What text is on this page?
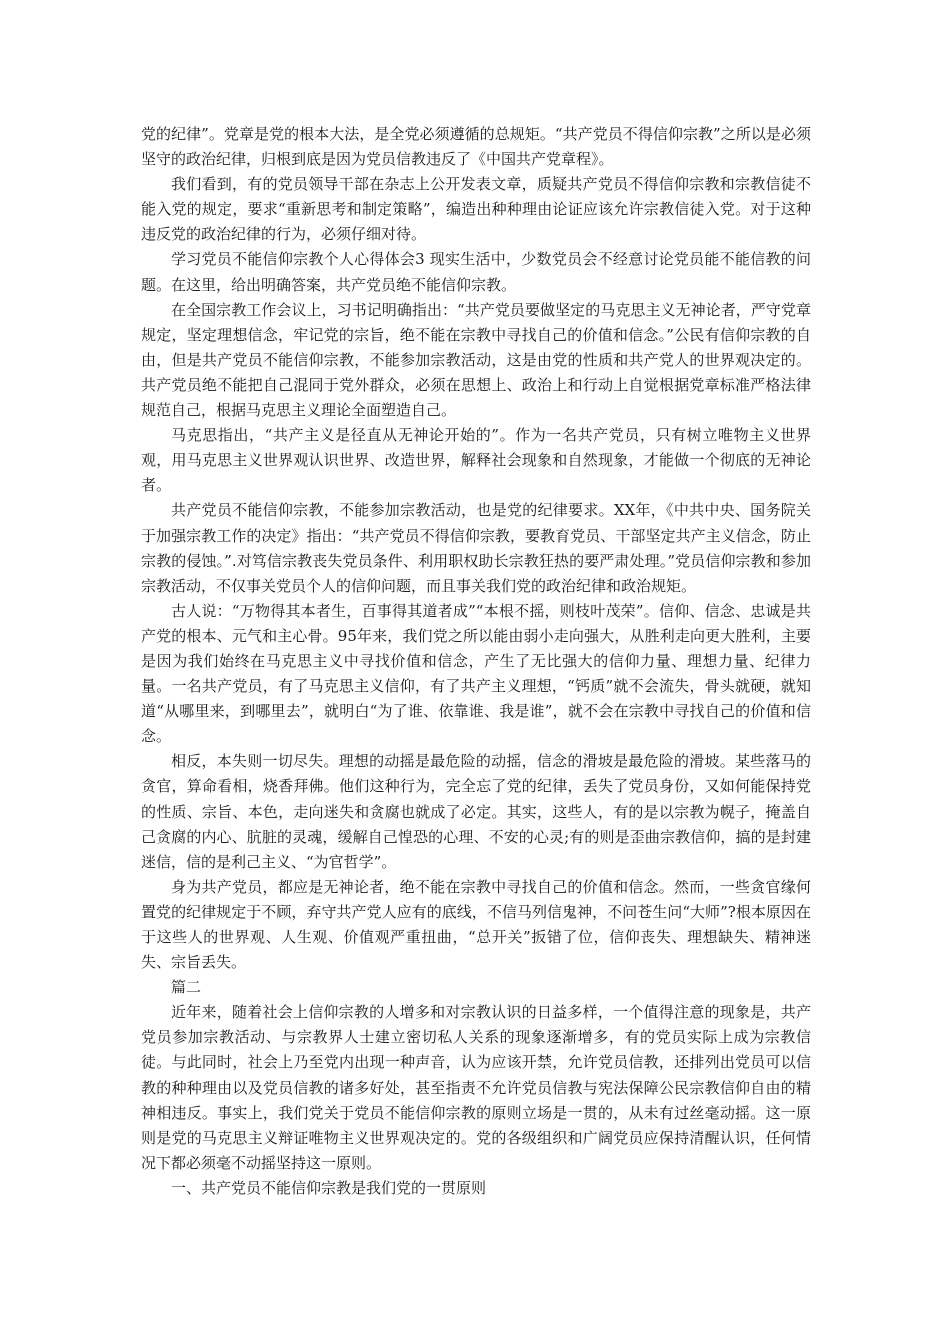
党的纪律”。党章是党的根本大法，是全党必须遵循的总规矩。“共产党员不得信仰宗教”之所以是必须坚守的政治纪律，归根到底是因为党员信教违反了《中国共产党章程》。

我们看到，有的党员领导干部在杂志上公开发表文章，质疑共产党员不得信仰宗教和宗教信徒不能入党的规定，要求“重新思考和制定策略”，编造出种种理由论证应该允许宗教信徒入党。对于这种违反党的政治纪律的行为，必须仔细对待。

学习党员不能信仰宗教个人心得体会3 现实生活中，少数党员会不经意讨论党员能不能信教的问题。在这里，给出明确答案，共产党员绝不能信仰宗教。

在全国宗教工作会议上，习书记明确指出：“共产党员要做坚定的马克思主义无神论者，严守党章规定，坚定理想信念，牢记党的宗旨，绝不能在宗教中寻找自己的价值和信念。”公民有信仰宗教的自由，但是共产党员不能信仰宗教，不能参加宗教活动，这是由党的性质和共产党人的世界观决定的。共产党员绝不能把自己混同于党外群众，必须在思想上、政治上和行动上自觉根据党章标准严格法律规范自己，根据马克思主义理论全面塑造自己。

马克思指出，“共产主义是径直从无神论开始的”。作为一名共产党员，只有树立唯物主义世界观，用马克思主义世界观认识世界、改造世界，解释社会现象和自然现象，才能做一个彻底的无神论者。

共产党员不能信仰宗教，不能参加宗教活动，也是党的纪律要求。XX年，《中共中央、国务院关于加强宗教工作的决定》指出：“共产党员不得信仰宗教，要教育党员、干部坚定共产主义信念，防止宗教的侵蚀。”.对笃信宗教丧失党员条件、利用职权助长宗教狂热的要严肃处理。”党员信仰宗教和参加宗教活动，不仅事关党员个人的信仰问题，而且事关我们党的政治纪律和政治规矩。

古人说：“万物得其本者生，百事得其道者成”“本根不摇，则枝叶茂荣”。信仰、信念、忠诚是共产党的根本、元气和主心骨。95年来，我们党之所以能由弱小走向强大，从胜利走向更大胜利，主要是因为我们始终在马克思主义中寻找价值和信念，产生了无比强大的信仰力量、理想力量、纪律力量。一名共产党员，有了马克思主义信仰，有了共产主义理想，“钙质”就不会流失，骨头就硬，就知道“从哪里来，到哪里去”，就明白“为了谁、依靠谁、我是谁”，就不会在宗教中寻找自己的价值和信念。

相反，本失则一切尽失。理想的动摇是最危险的动摇，信念的滑坡是最危险的滑坡。某些落马的贪官，算命看相，烧香拜佛。他们这种行为，完全忘了党的纪律，丢失了党员身份，又如何能保持党的性质、宗旨、本色，走向迷失和贪腐也就成了必定。其实，这些人，有的是以宗教为幌子，掩盖自己贪腐的内心、肮脏的灵魂，缓解自己惶恐的心理、不安的心灵;有的则是歪曲宗教信仰，搞的是封建迷信，信的是利己主义、“为官哲学”。

身为共产党员，都应是无神论者，绝不能在宗教中寻找自己的价值和信念。然而，一些贪官缘何置党的纪律规定于不顾，弃守共产党人应有的底线，不信马列信鬼神，不问苍生问“大师”?根本原因在于这些人的世界观、人生观、价值观严重扭曲，“总开关”扳错了位，信仰丧失、理想缺失、精神迷失、宗旨丢失。

篇二

近年来，随着社会上信仰宗教的人增多和对宗教认识的日益多样，一个值得注意的现象是，共产党员参加宗教活动、与宗教界人士建立密切私人关系的现象逐渐增多，有的党员实际上成为宗教信徒。与此同时，社会上乃至党内出现一种声音，认为应该开禁，允许党员信教，还排列出党员可以信教的种种理由以及党员信教的诸多好处，甚至指责不允许党员信教与宪法保障公民宗教信仰自由的精神相违反。事实上，我们党关于党员不能信仰宗教的原则立场是一贯的，从未有过丝毫动摇。这一原则是党的马克思主义辩证唯物主义世界观决定的。党的各级组织和广阔党员应保持清醒认识，任何情况下都必须毫不动摇坚持这一原则。

一、共产党员不能信仰宗教是我们党的一贯原则
